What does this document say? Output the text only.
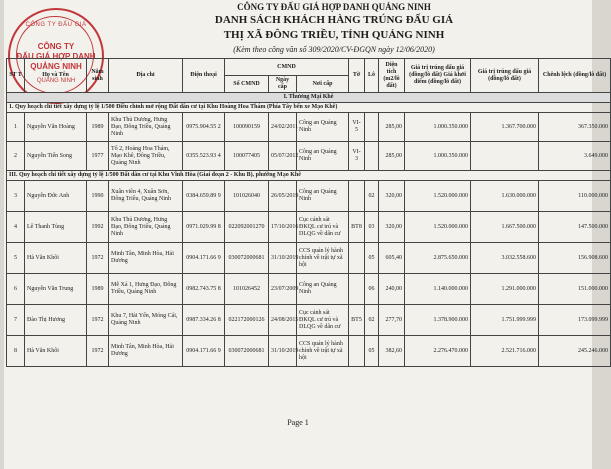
CÔNG TY ĐẤU GIÁ
CÔNG TY
ĐẤU GIÁ HỢP DANH
QUẢNG NINH
QUẢNG NINH
CÔNG TY ĐẤU GIÁ HỢP DANH QUẢNG NINH
DANH SÁCH KHÁCH HÀNG TRÚNG ĐẤU GIÁ
THỊ XÃ ĐÔNG TRIỀU, TỈNH QUẢNG NINH
(Kèm theo công văn số 309/2020/CV-ĐGQN ngày 12/06/2020)
ST T	Họ và Tên	Năm sinh	Địa chỉ	Điện thoại	CMND			Tờ	Lô	Diện tích (m2/lô đất)	Giá trị trúng đấu giá (đồng/lô đất) Giá khởi điểm (đồng/lô đất)	Giá trị trúng đấu giá (đồng/lô đất)	Chênh lệch (đồng/lô đất)
					Số CMND	Ngày cấp	Nơi cấp						
I. Thương Mại Khê													
1. Quy hoạch chi tiết xây dựng tỷ lệ 1/500 Điều chỉnh mở rộng Đất dân cư tại Khu Hoàng Hoa Thám (Phía Tây bến xe Mạo Khê)													
1	Nguyễn Văn Hoàng	1989	Khu Thủ Dương, Hưng Đạo, Đông Triều, Quảng Ninh	0975.904.55 2	100090159	24/02/2011	Công an Quảng Ninh	VI-5		285,00	1.000.350.000	1.367.700.000	367.350.000
2	Nguyễn Tiến Song	1977	Tổ 2, Hoàng Hoa Thám, Mạo Khê, Đông Triều, Quảng Ninh	0355.523.93 4	100077405	05/07/2012	Công an Quảng Ninh	VI-3		285,00	1.000.350.000		3.649.000
III. Quy hoạch chi tiết xây dựng tỷ lệ 1/500 Đất dân cư tại Khu Vĩnh Hòa (Giai đoạn 2 - Khu B), phường Mạo Khê													
3	Nguyễn Đức Anh	1990	Xuân viên 4, Xuân Sơn, Đông Triều, Quảng Ninh	0384.659.89 9	101026040	26/05/2019	Công an Quảng Ninh		02	320,00	1.520.000.000	1.630.000.000	110.000.000
4	Lê Thanh Tùng	1992	Khu Thủ Dương, Hưng Đạo, Đông Triều, Quảng Ninh	0971.029.99 8	022092001270	17/10/2016	Cục cảnh sát ĐKQL cư trú và DLQG về dân cư	BT8	03	320,00	1.520.000.000	1.667.500.000	147.500.000
5	Hà Văn Khôi	1972	Minh Tân, Minh Hòa, Hải Dương	0904.171.66 9	030072000681	31/10/2019	CCS quản lý hành chính về trật tự xã hội		05	605,40	2.875.650.000	3.032.558.600	156.908.600
6	Nguyễn Văn Trung	1989	Mễ Xá 1, Hưng Đạo, Đông Triều, Quảng Ninh	0982.743.75 8	101026452	23/07/2009	Công an Quảng Ninh		06	240,00	1.140.000.000	1.291.000.000	151.000.000
7	Đào Thị Hương	1972	Khu 7, Hải Yến, Móng Cái, Quảng Ninh	0987.334.26 8	022172000126	24/08/2015	Cục cảnh sát ĐKQL cư trú và DLQG về dân cư	BT5	02	277,70	1.378.900.000	1.751.999.999	173.099.999
8	Hà Văn Khôi	1972	Minh Tân, Minh Hòa, Hải Dương	0904.171.66 9	030072000681	31/10/2019	CCS quản lý hành chính về trật tự xã hội		05	382,60	2.276.470.000	2.521.716.000	245.246.000
Page 1
